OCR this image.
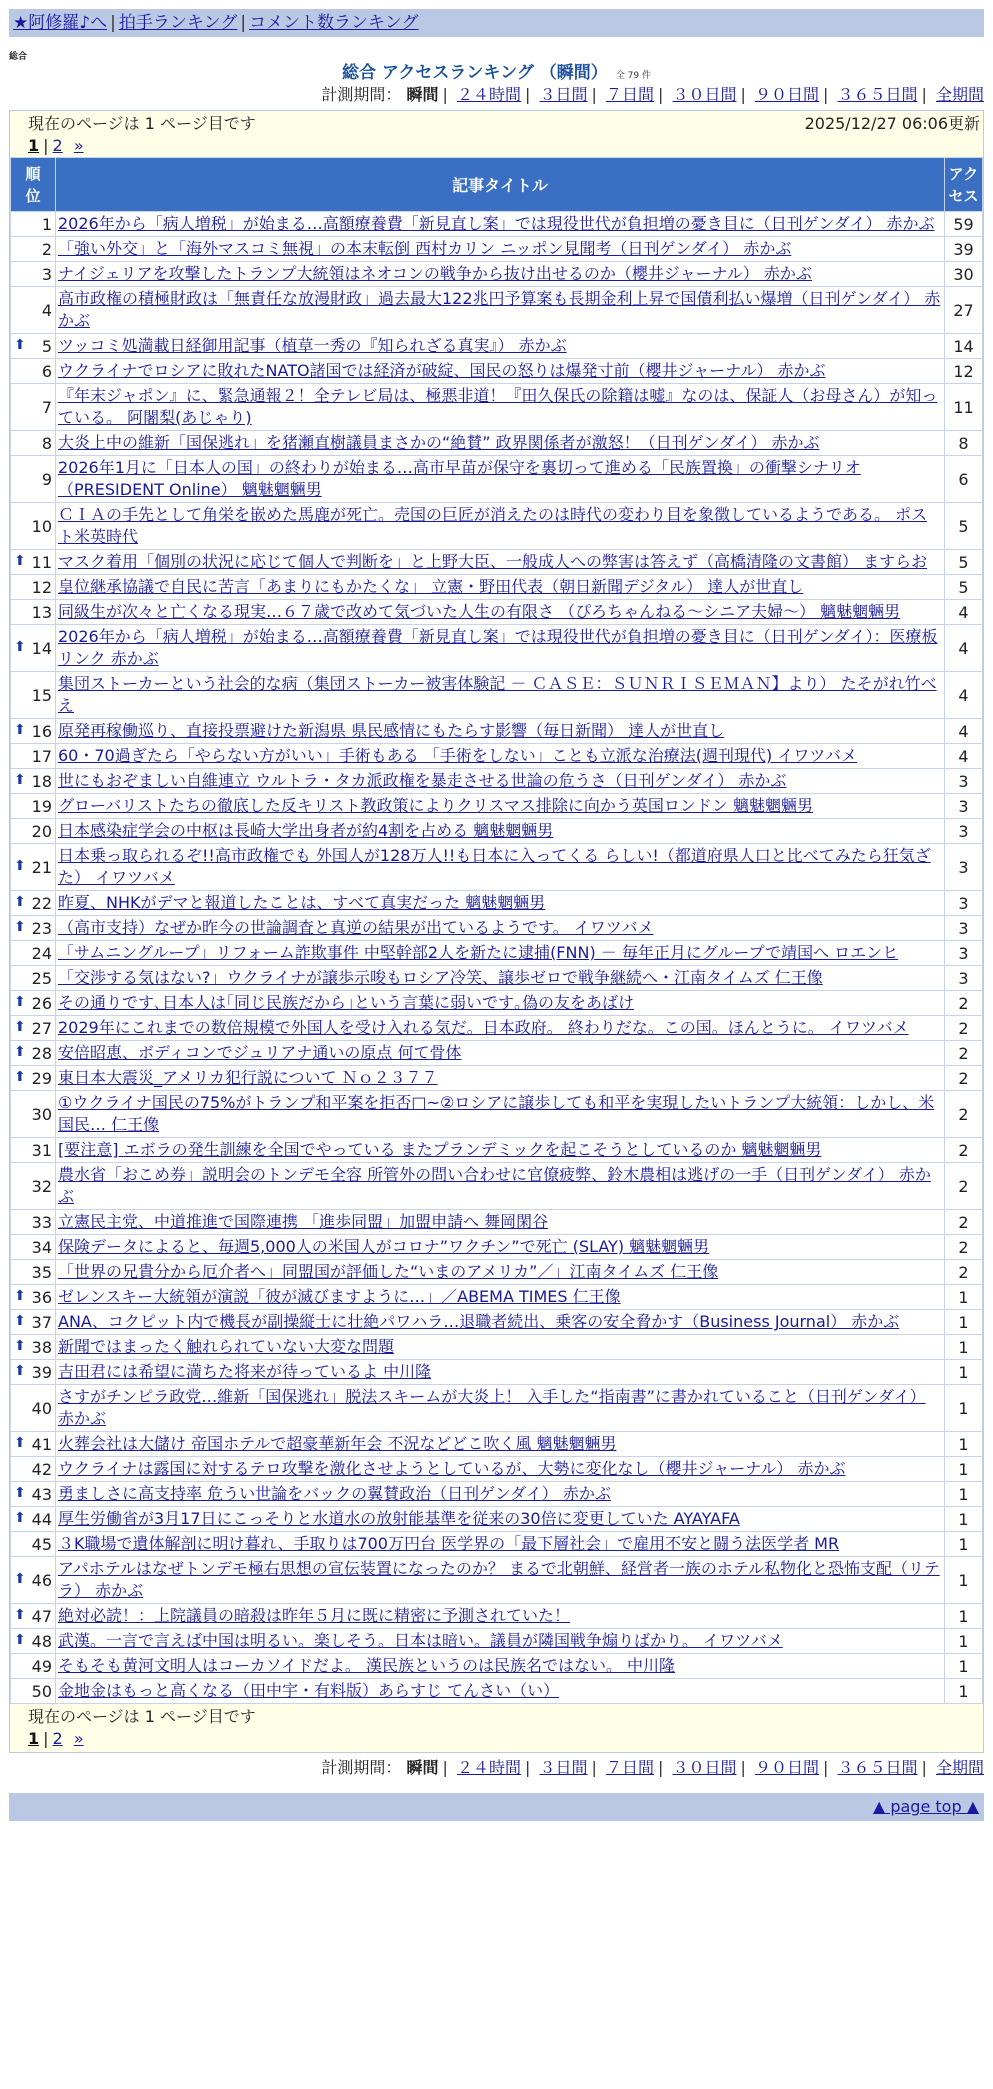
★阿修羅♪へ | 拍手ランキング | コメント数ランキング
総合
総合 アクセスランキング （瞬間） 全 79 件
計測期間： 瞬間 | ２４時間 | ３日間 | ７日間 | ３０日間 | ９０日間 | ３６５日間 | 全期間
現在のページは 1 ページ目です	2025/12/27 06:06更新
1 | 2 »
順位	記事タイトル	アクセス
1	2026年から「病人増税」が始まる…高額療養費「新見直し案」では現役世代が負担増の憂き目に（日刊ゲンダイ） 赤かぶ	59
2	「強い外交」と「海外マスコミ無視」の本末転倒 西村カリン ニッポン見聞考（日刊ゲンダイ） 赤かぶ	39
3	ナイジェリアを攻撃したトランプ大統領はネオコンの戦争から抜け出せるのか（櫻井ジャーナル） 赤かぶ	30
4	高市政権の積極財政は「無責任な放漫財政」過去最大122兆円予算案も長期金利上昇で国債利払い爆増（日刊ゲンダイ） 赤かぶ	27

⬆ 5	ツッコミ処満載日経御用記事（植草一秀の『知られざる真実』） 赤かぶ	14
6	ウクライナでロシアに敗れたNATO諸国では経済が破綻、国民の怒りは爆発寸前（櫻井ジャーナル） 赤かぶ	12
7	『年末ジャポン』に、緊急通報２！全テレビ局は、極悪非道！『田久保氏の除籍は嘘』なのは、保証人（お母さん）が知っている。 阿闍梨(あじゃり)	11
8	大炎上中の維新「国保逃れ」を猪瀬直樹議員まさかの“絶賛” 政界関係者が激怒！（日刊ゲンダイ） 赤かぶ	8
9	2026年1月に「日本人の国」の終わりが始まる…高市早苗が保守を裏切って進める「民族置換」の衝撃シナリオ （PRESIDENT Online） 魑魅魍魎男	6
10	ＣＩＡの手先として角栄を嵌めた馬鹿が死亡。売国の巨匠が消えたのは時代の変わり目を象徴しているようである。 ポスト米英時代	5

⬆ 11	マスク着用「個別の状況に応じて個人で判断を」と上野大臣、一般成人への弊害は答えず（高橋清隆の文書館） ますらお	5
12	皇位継承協議で自民に苦言「あまりにもかたくな」 立憲・野田代表（朝日新聞デジタル） 達人が世直し	5
13	同級生が次々と亡くなる現実…６７歳で改めて気づいた人生の有限さ （ぴろちゃんねる〜シニア夫婦〜） 魑魅魍魎男	4

⬆ 14	2026年から「病人増税」が始まる…高額療養費「新見直し案」では現役世代が負担増の憂き目に（日刊ゲンダイ）：医療板リンク 赤かぶ	4
15	集団ストーカーという社会的な病（集団ストーカー被害体験記 － ＣＡＳＥ：ＳＵＮＲＩＳＥＭＡＮ】より） たそがれ竹べえ	4

⬆ 16	原発再稼働巡り、直接投票避けた新潟県 県民感情にもたらす影響（毎日新聞） 達人が世直し	4
17	60・70過ぎたら「やらない方がいい」手術もある 「手術をしない」ことも立派な治療法(週刊現代) イワツバメ	4

⬆ 18	世にもおぞましい自維連立 ウルトラ・タカ派政権を暴走させる世論の危うさ（日刊ゲンダイ） 赤かぶ	3
19	グローバリストたちの徹底した反キリスト教政策によりクリスマス排除に向かう英国ロンドン 魑魅魍魎男	3
20	日本感染症学会の中枢は長崎大学出身者が約4割を占める 魑魅魍魎男	3

⬆ 21	日本乗っ取られるぞ!!高市政権でも 外国人が128万人!!も日本に入ってくる らしい!（都道府県人口と比べてみたら狂気ざた） イワツバメ	3

⬆ 22	昨夏、NHKがデマと報道したことは、すべて真実だった 魑魅魍魎男	3

⬆ 23	（高市支持）なぜか昨今の世論調査と真逆の結果が出ているようです。 イワツバメ	3
24	「サムニングループ」リフォーム詐欺事件 中堅幹部2人を新たに逮捕(FNN) － 毎年正月にグループで靖国へ ロエンヒ	3
25	「交渉する気はない?」ウクライナが譲歩示唆もロシア冷笑、譲歩ゼロで戦争継続へ・江南タイムズ 仁王像	3

⬆ 26	その通りです､日本人は｢同じ民族だから｣という言葉に弱いです｡偽の友をあばけ	2

⬆ 27	2029年にこれまでの数倍規模で外国人を受け入れる気だ。日本政府。 終わりだな。この国。ほんとうに。 イワツバメ	2

⬆ 28	安倍昭恵、ボディコンでジュリアナ通いの原点 何て骨体	2

⬆ 29	東日本大震災_アメリカ犯行説について Ｎｏ２３７７	2
30	①ウクライナ国民の75%がトランプ和平案を拒否□~②ロシアに譲歩しても和平を実現したいトランプ大統領：しかし、米国民… 仁王像	2
31	[要注意] エボラの発生訓練を全国でやっている またプランデミックを起こそうとしているのか 魑魅魍魎男	2
32	農水省「おこめ券」説明会のトンデモ全容 所管外の問い合わせに官僚疲弊、鈴木農相は逃げの一手（日刊ゲンダイ） 赤かぶ	2
33	立憲民主党、中道推進で国際連携 「進歩同盟」加盟申請へ 舞岡閑谷	2
34	保険データによると、毎週5,000人の米国人がコロナ”ワクチン”で死亡 (SLAY) 魑魅魍魎男	2
35	「世界の兄貴分から厄介者へ」同盟国が評価した“いまのアメリカ”／」江南タイムズ 仁王像	2

⬆ 36	ゼレンスキー大統領が演説「彼が滅びますように…」／ABEMA TIMES 仁王像	1

⬆ 37	ANA、コクピット内で機長が副操縦士に壮絶パワハラ…退職者続出、乗客の安全脅かす（Business Journal） 赤かぶ	1

⬆ 38	新聞ではまったく触れられていない大変な問題	1

⬆ 39	吉田君には希望に満ちた将来が待っているよ 中川隆	1
40	さすがチンピラ政党…維新「国保逃れ」脱法スキームが大炎上！ 入手した“指南書”に書かれていること（日刊ゲンダイ） 赤かぶ	1

⬆ 41	火葬会社は大儲け 帝国ホテルで超豪華新年会 不況などどこ吹く風 魑魅魍魎男	1
42	ウクライナは露国に対するテロ攻撃を激化させようとしているが、大勢に変化なし（櫻井ジャーナル） 赤かぶ	1

⬆ 43	勇ましさに高支持率 危うい世論をバックの翼賛政治（日刊ゲンダイ） 赤かぶ	1

⬆ 44	厚生労働省が3月17日にこっそりと水道水の放射能基準を従来の30倍に変更していた AYAYAFA	1
45	３K職場で遺体解剖に明け暮れ、手取りは700万円台 医学界の「最下層社会」で雇用不安と闘う法医学者 MR	1

⬆ 46	アパホテルはなぜトンデモ極右思想の宣伝装置になったのか？ まるで北朝鮮、経営者一族のホテル私物化と恐怖支配（リテラ） 赤かぶ	1

⬆ 47	絶対必読！：上院議員の暗殺は昨年５月に既に精密に予測されていた！	1

⬆ 48	武漢。一言で言えば中国は明るい。楽しそう。日本は暗い。議員が隣国戦争煽りばかり。 イワツバメ	1
49	そもそも黄河文明人はコーカソイドだよ。 漢民族というのは民族名ではない。 中川隆	1
50	金地金はもっと高くなる（田中宇・有料版）あらすじ てんさい（い）	1
現在のページは 1 ページ目です
1 | 2 »
計測期間： 瞬間 | ２４時間 | ３日間 | ７日間 | ３０日間 | ９０日間 | ３６５日間 | 全期間
▲ page top ▲
